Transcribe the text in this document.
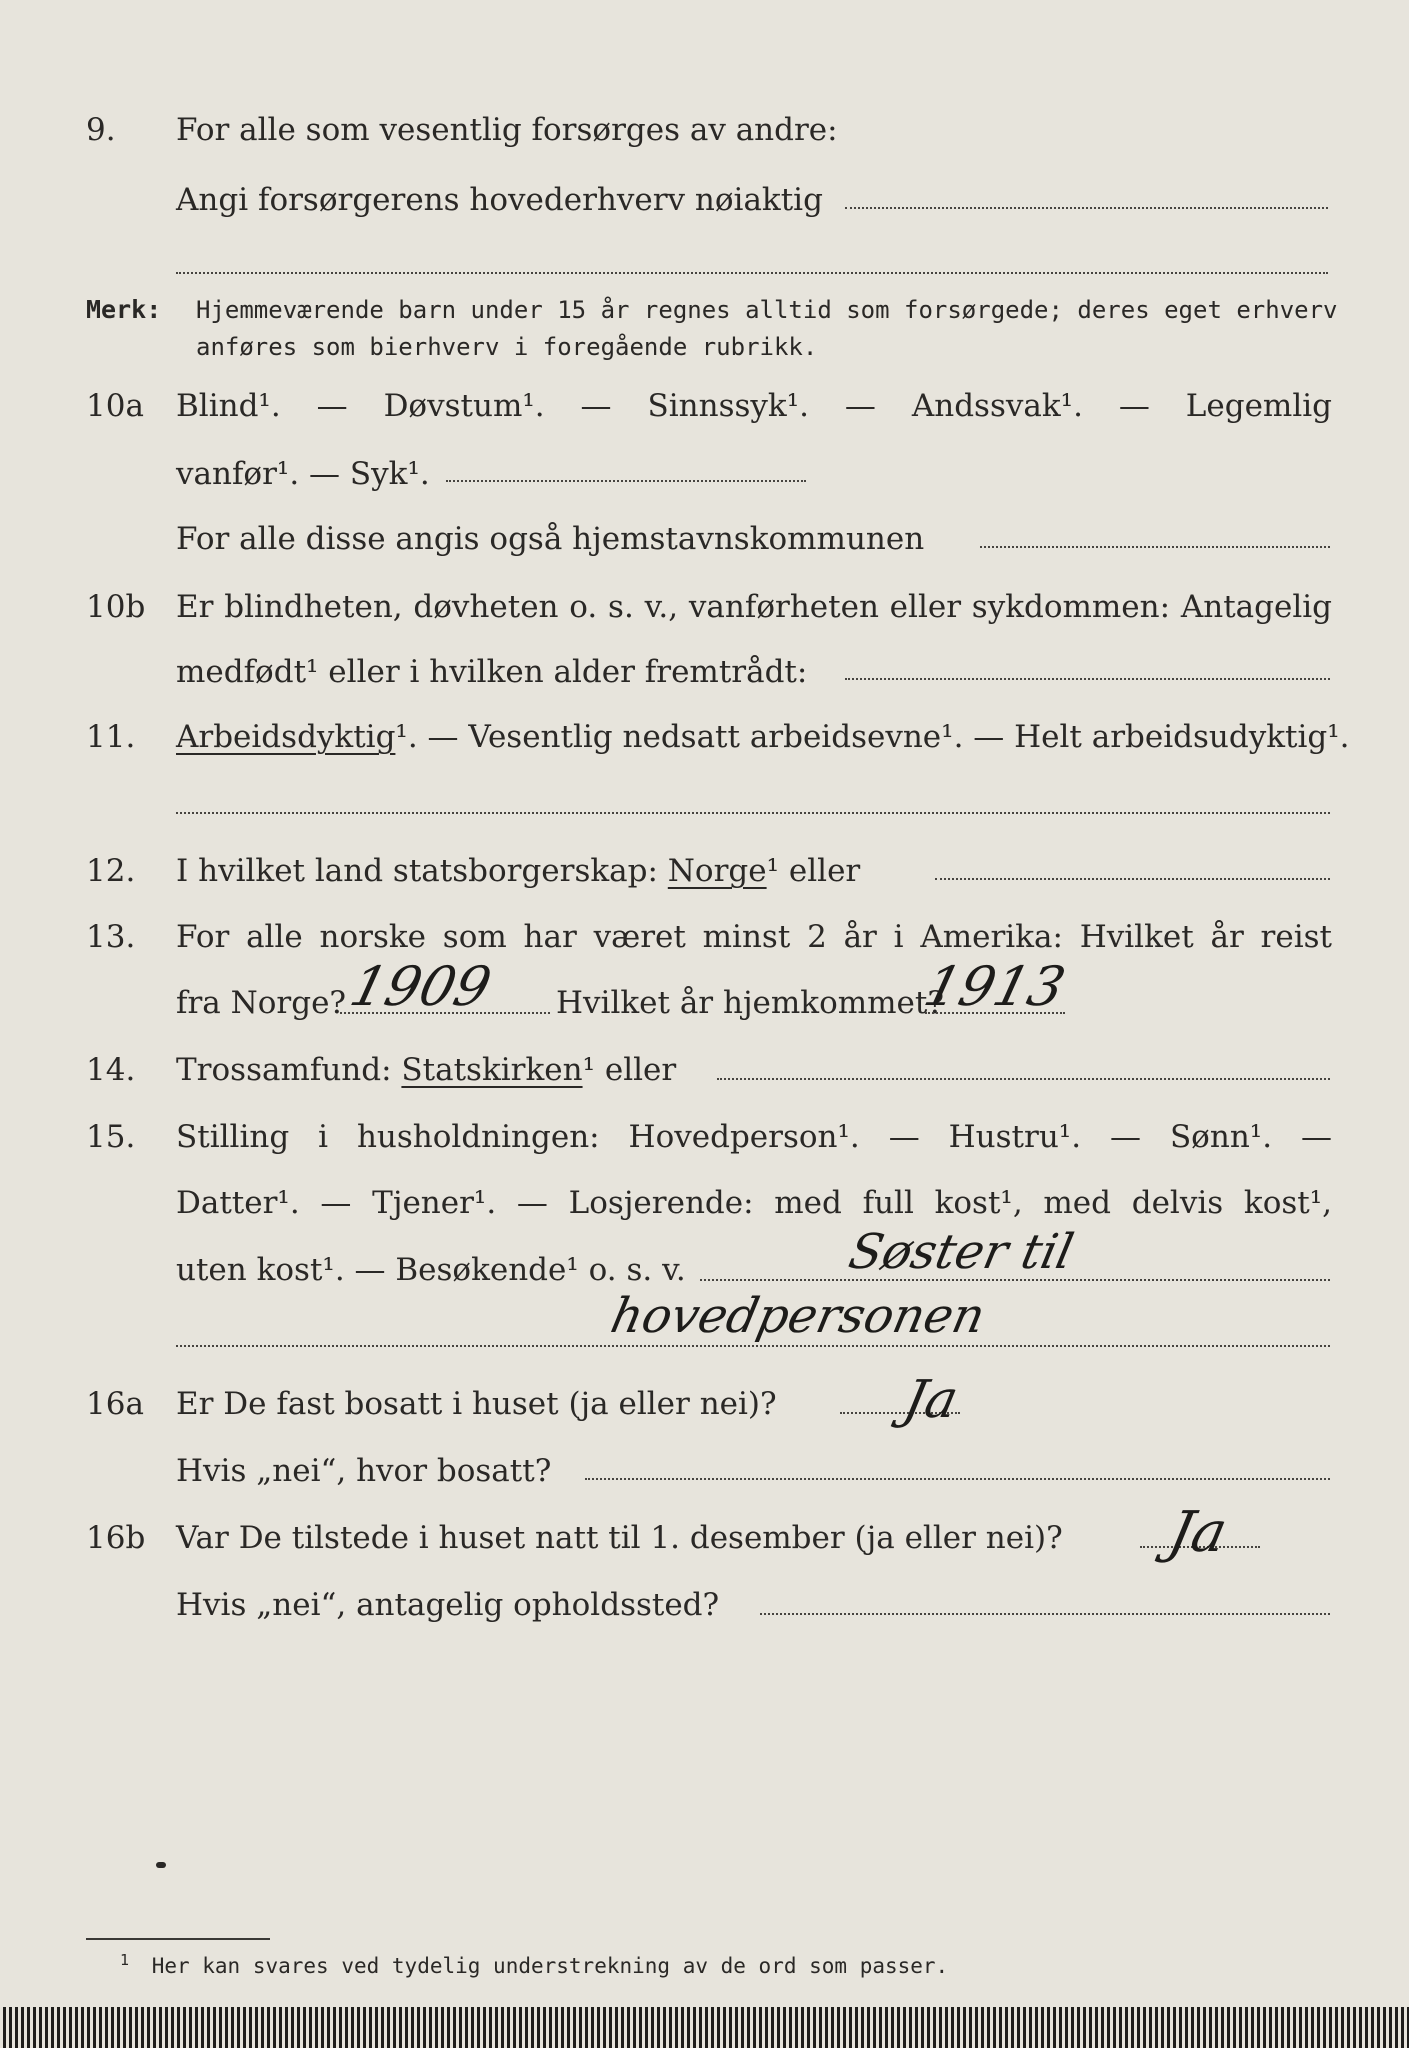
9.	For alle som vesentlig forsørges av andre:
Angi forsørgerens hovederhverv nøiaktig
Merk: Hjemmeværende barn under 15 år regnes alltid som forsørgede; deres eget erhverv
anføres som bierhverv i foregående rubrikk.
10a	Blind¹. — Døvstum¹. — Sinnssyk¹. — Andssvak¹. — Legemlig
vanfør¹. — Syk¹.
For alle disse angis også hjemstavnskommunen
10b Er blindheten, døvheten o. s. v., vanførheten eller sykdommen: Antagelig
medfødt¹ eller i hvilken alder fremtrådt:
11.	Arbeidsdyktig¹. — Vesentlig nedsatt arbeidsevne¹. — Helt arbeidsudyktig¹.
12.	I hvilket land statsborgerskap: Norge¹ eller
13.	For alle norske som har været minst 2 år i Amerika: Hvilket år reist
fra Norge?	Hvilket år hjemkommet?
1909	1913
14.	Trossamfund: Statskirken¹ eller
15.	Stilling i husholdningen: Hovedperson¹. — Hustru¹. — Sønn¹. —
Datter¹. — Tjener¹. — Losjerende: med full kost¹, med delvis kost¹,
uten kost¹. — Besøkende¹ o. s. v.	Søster til
hovedpersonen
16a	Er De fast bosatt i huset (ja eller nei)? Ja
Hvis „nei“, hvor bosatt?
16b Var De tilstede i huset natt til 1. desember (ja eller nei)? Ja
Hvis „nei“, antagelig opholdssted?
$^1$ Her kan svares ved tydelig understrekning av de ord som passer.
